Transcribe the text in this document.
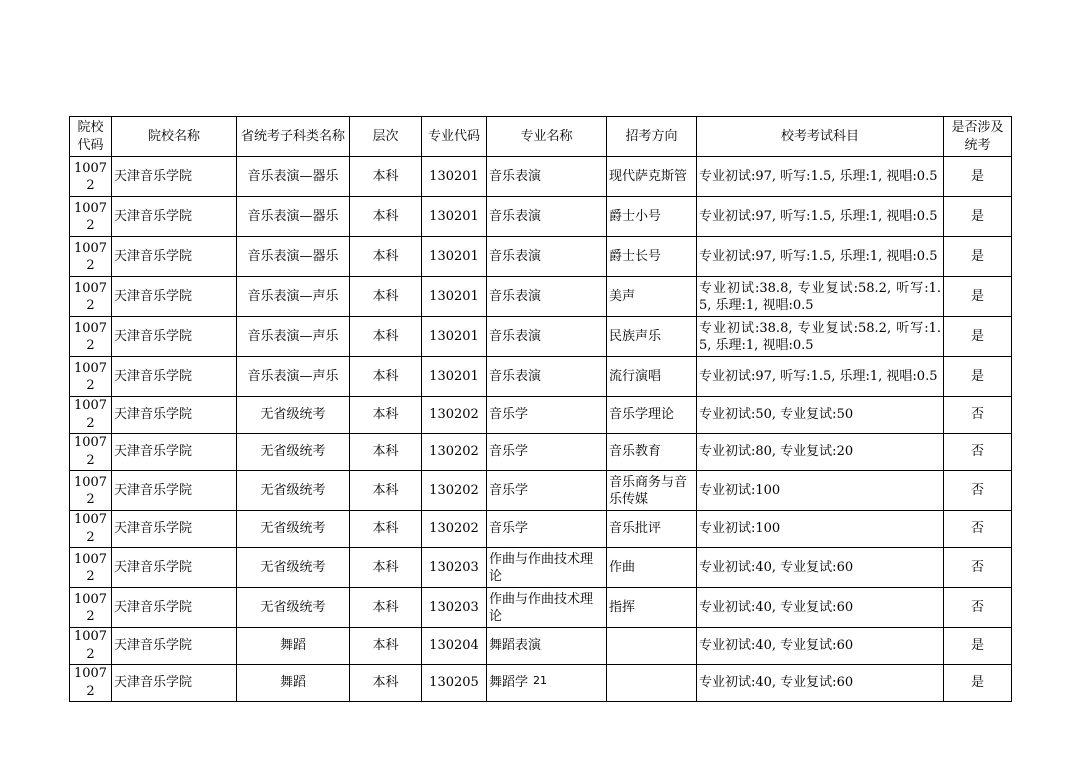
院校代码	院校名称	省统考子科类名称	层次	专业代码	专业名称	招考方向	校考考试科目	是否涉及统考
10072	天津音乐学院	音乐表演—器乐	本科	130201	音乐表演	现代萨克斯管	专业初试:97, 听写:1.5, 乐理:1, 视唱:0.5	是
10072	天津音乐学院	音乐表演—器乐	本科	130201	音乐表演	爵士小号	专业初试:97, 听写:1.5, 乐理:1, 视唱:0.5	是
10072	天津音乐学院	音乐表演—器乐	本科	130201	音乐表演	爵士长号	专业初试:97, 听写:1.5, 乐理:1, 视唱:0.5	是
10072	天津音乐学院	音乐表演—声乐	本科	130201	音乐表演	美声	专业初试:38.8, 专业复试:58.2, 听写:1.5, 乐理:1, 视唱:0.5	是
10072	天津音乐学院	音乐表演—声乐	本科	130201	音乐表演	民族声乐	专业初试:38.8, 专业复试:58.2, 听写:1.5, 乐理:1, 视唱:0.5	是
10072	天津音乐学院	音乐表演—声乐	本科	130201	音乐表演	流行演唱	专业初试:97, 听写:1.5, 乐理:1, 视唱:0.5	是
10072	天津音乐学院	无省级统考	本科	130202	音乐学	音乐学理论	专业初试:50, 专业复试:50	否
10072	天津音乐学院	无省级统考	本科	130202	音乐学	音乐教育	专业初试:80, 专业复试:20	否
10072	天津音乐学院	无省级统考	本科	130202	音乐学	音乐商务与音乐传媒	专业初试:100	否
10072	天津音乐学院	无省级统考	本科	130202	音乐学	音乐批评	专业初试:100	否
10072	天津音乐学院	无省级统考	本科	130203	作曲与作曲技术理论	作曲	专业初试:40, 专业复试:60	否
10072	天津音乐学院	无省级统考	本科	130203	作曲与作曲技术理论	指挥	专业初试:40, 专业复试:60	否
10072	天津音乐学院	舞蹈	本科	130204	舞蹈表演		专业初试:40, 专业复试:60	是
10072	天津音乐学院	舞蹈	本科	130205	舞蹈学		专业初试:40, 专业复试:60	是
21
